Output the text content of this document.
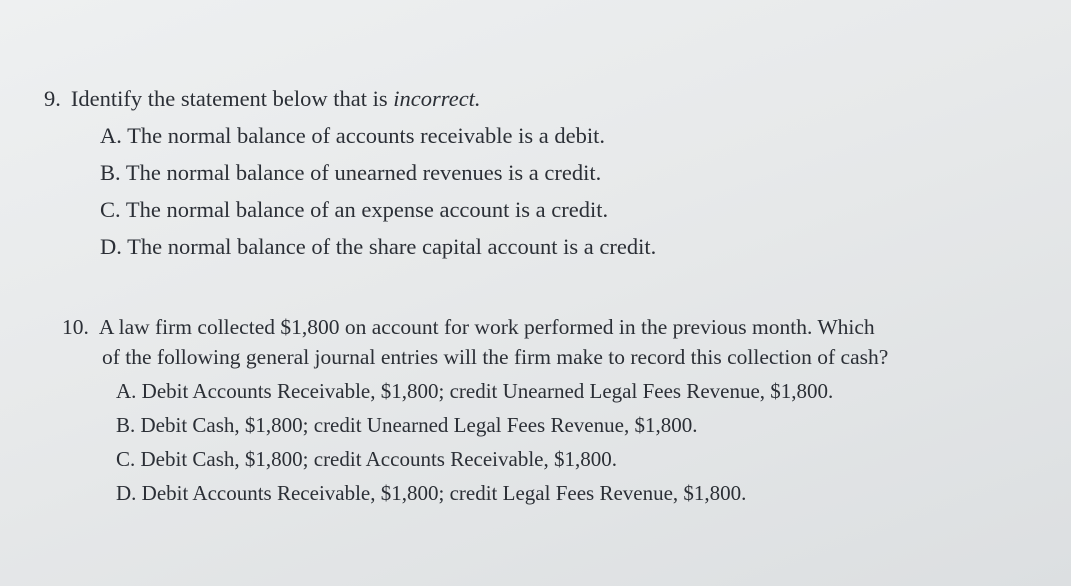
9. Identify the statement below that is incorrect.
A. The normal balance of accounts receivable is a debit.
B. The normal balance of unearned revenues is a credit.
C. The normal balance of an expense account is a credit.
D. The normal balance of the share capital account is a credit.
10. A law firm collected $1,800 on account for work performed in the previous month. Which
of the following general journal entries will the firm make to record this collection of cash?
A. Debit Accounts Receivable, $1,800; credit Unearned Legal Fees Revenue, $1,800.
B. Debit Cash, $1,800; credit Unearned Legal Fees Revenue, $1,800.
C. Debit Cash, $1,800; credit Accounts Receivable, $1,800.
D. Debit Accounts Receivable, $1,800; credit Legal Fees Revenue, $1,800.
